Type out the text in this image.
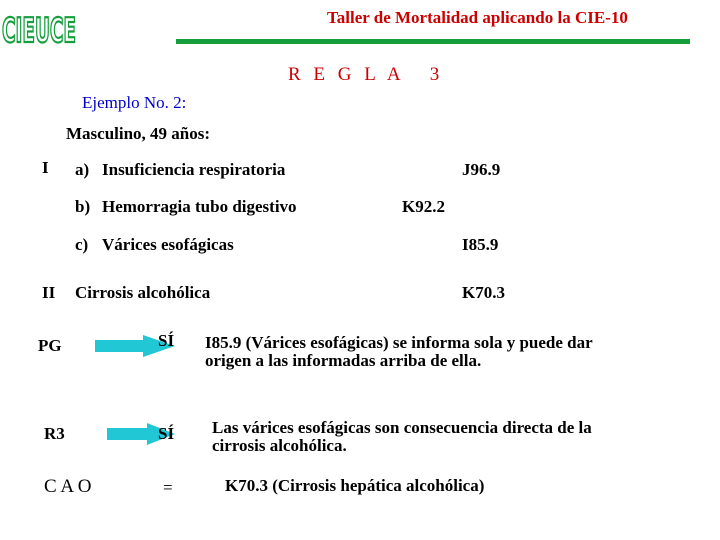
CIEUCE	Taller de Mortalidad aplicando la CIE-10
R E G L A   3
Ejemplo No. 2:
Masculino, 49 años:
I a) Insuficiencia respiratoria	J96.9
b) Hemorragia tubo digestivo	K92.2
c) Várices esofágicas	I85.9
II Cirrosis alcohólica	K70.3
PG	SÍ I85.9 (Várices esofágicas) se informa sola y puede dar
origen a las informadas arriba de ella.
R3	SÍ Las várices esofágicas son consecuencia directa de la
cirrosis alcohólica.
C A O	=	K70.3 (Cirrosis hepática alcohólica)
